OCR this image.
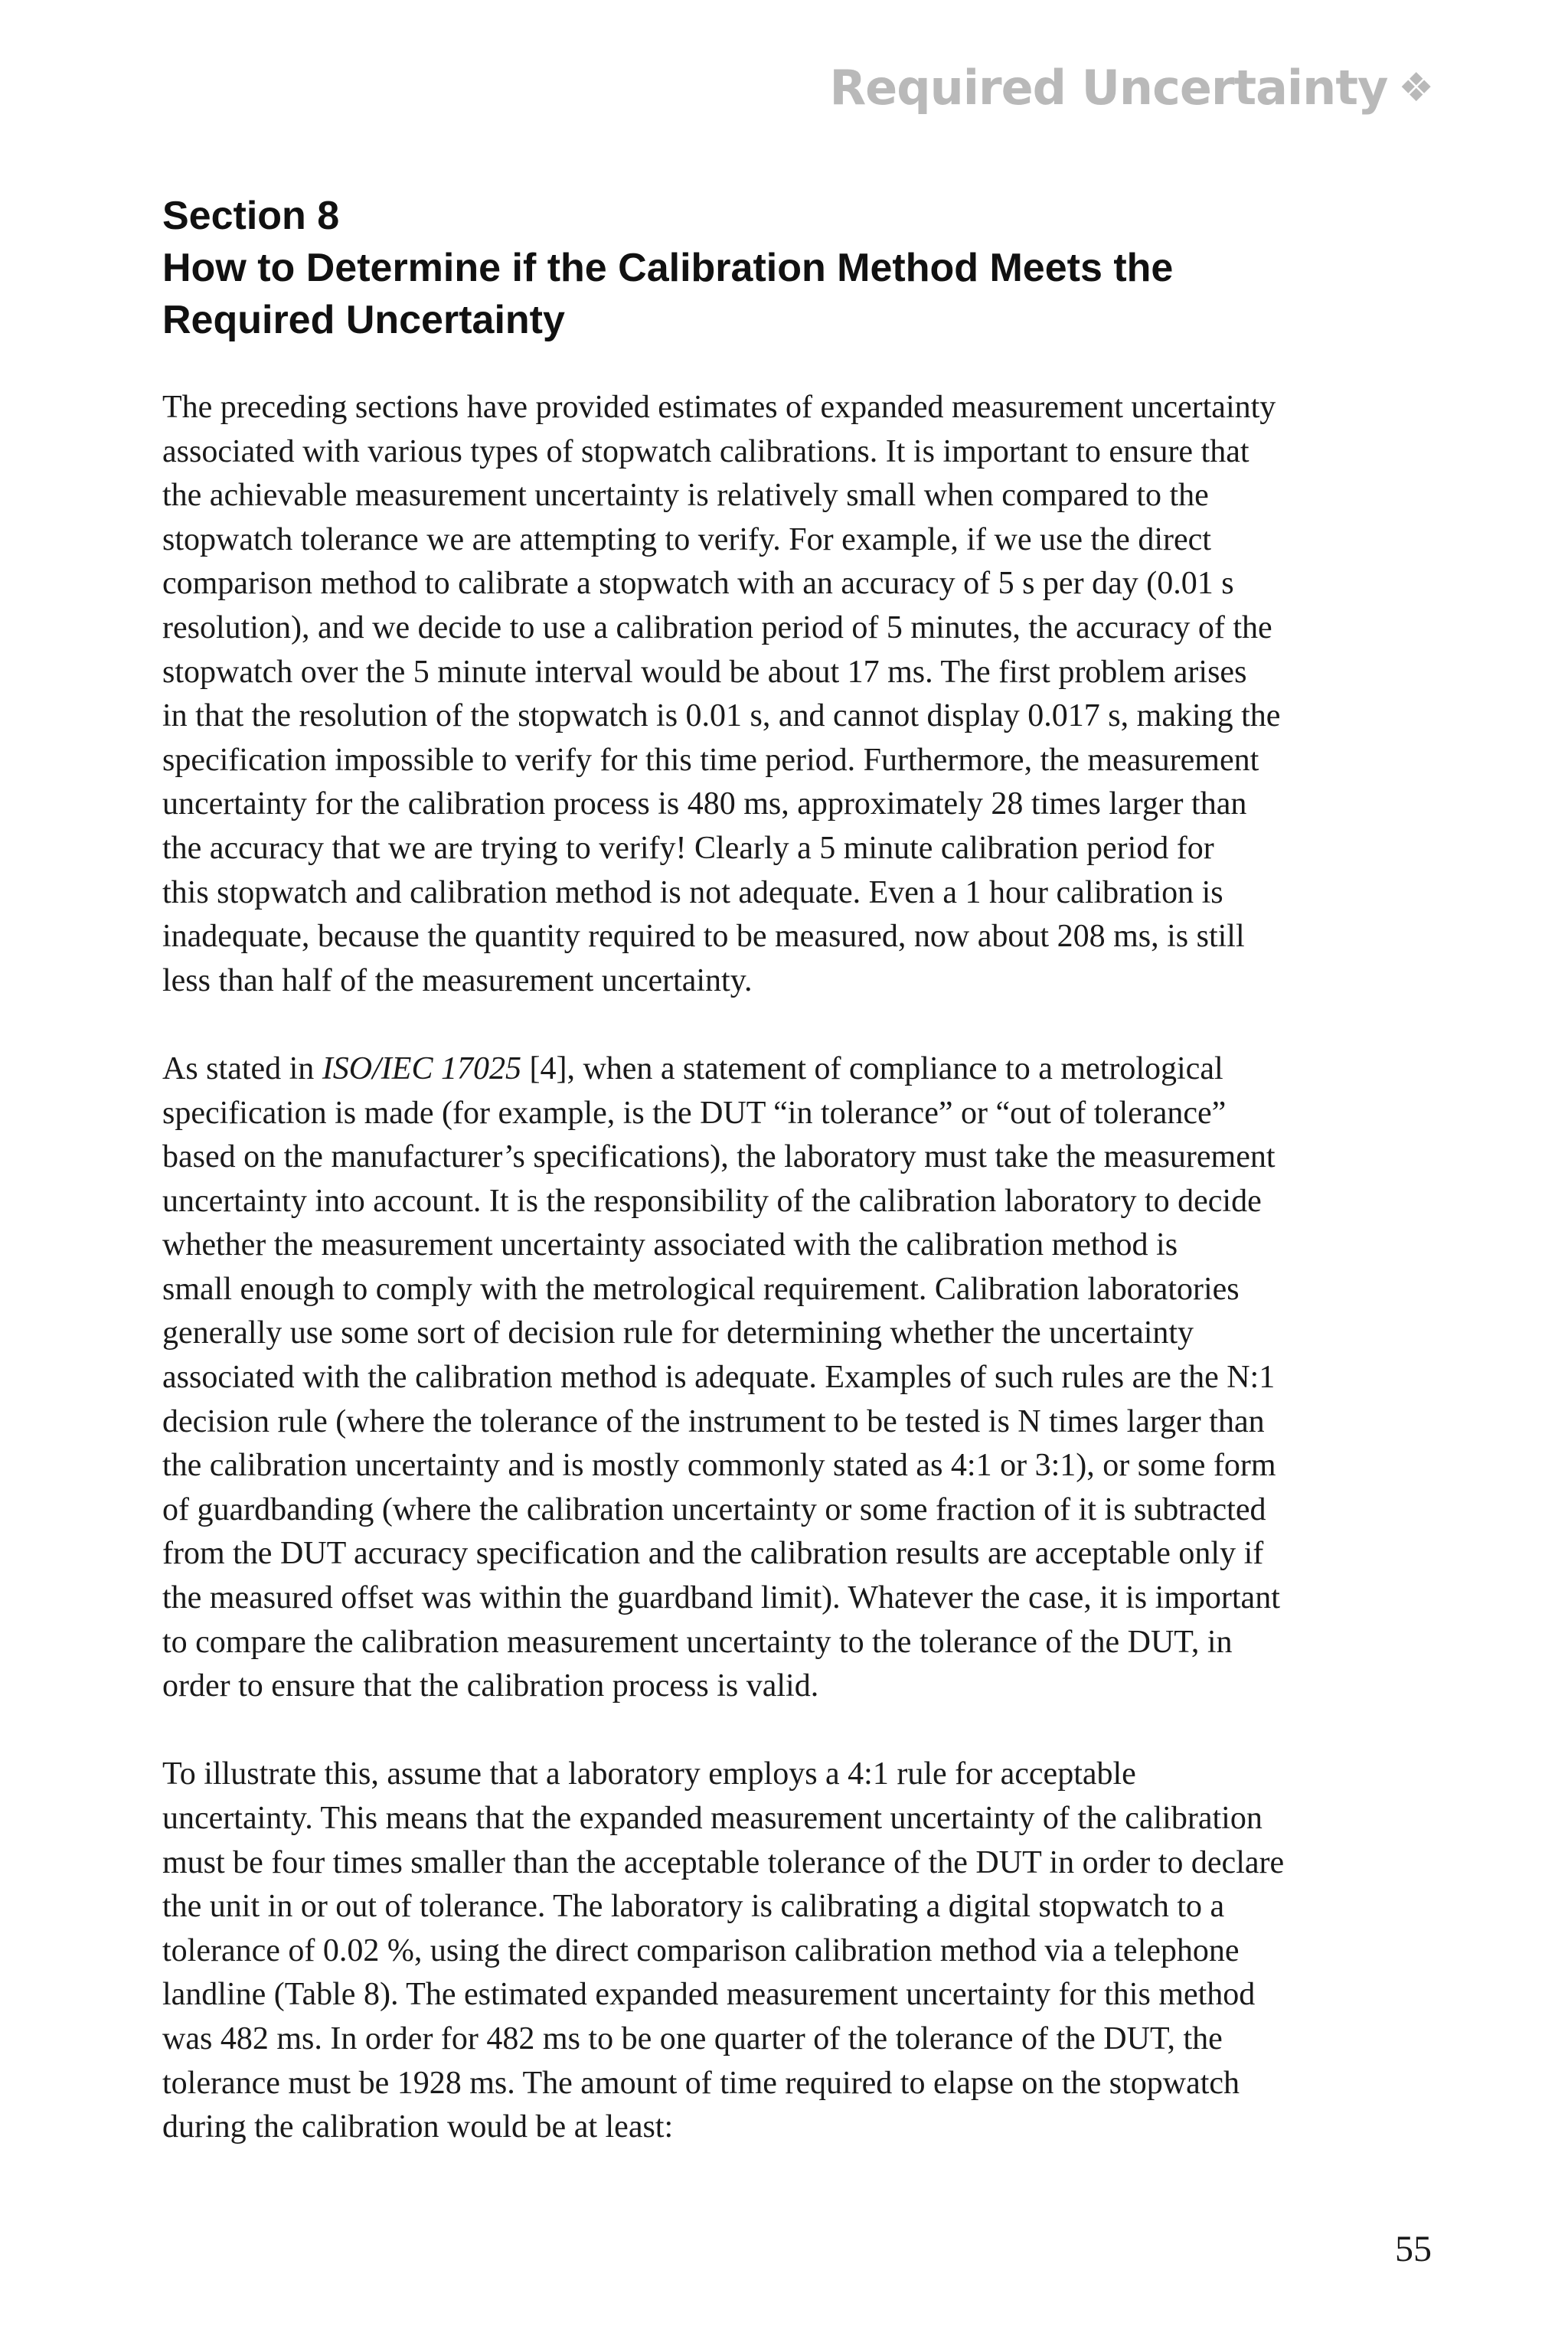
Required Uncertainty ❖
Section 8
How to Determine if the Calibration Method Meets the
Required Uncertainty
The preceding sections have provided estimates of expanded measurement uncertainty
associated with various types of stopwatch calibrations. It is important to ensure that
the achievable measurement uncertainty is relatively small when compared to the
stopwatch tolerance we are attempting to verify. For example, if we use the direct
comparison method to calibrate a stopwatch with an accuracy of 5 s per day (0.01 s
resolution), and we decide to use a calibration period of 5 minutes, the accuracy of the
stopwatch over the 5 minute interval would be about 17 ms. The first problem arises
in that the resolution of the stopwatch is 0.01 s, and cannot display 0.017 s, making the
specification impossible to verify for this time period. Furthermore, the measurement
uncertainty for the calibration process is 480 ms, approximately 28 times larger than
the accuracy that we are trying to verify! Clearly a 5 minute calibration period for
this stopwatch and calibration method is not adequate. Even a 1 hour calibration is
inadequate, because the quantity required to be measured, now about 208 ms, is still
less than half of the measurement uncertainty.
As stated in ISO/IEC 17025 [4], when a statement of compliance to a metrological
specification is made (for example, is the DUT “in tolerance” or “out of tolerance”
based on the manufacturer’s specifications), the laboratory must take the measurement
uncertainty into account. It is the responsibility of the calibration laboratory to decide
whether the measurement uncertainty associated with the calibration method is
small enough to comply with the metrological requirement. Calibration laboratories
generally use some sort of decision rule for determining whether the uncertainty
associated with the calibration method is adequate. Examples of such rules are the N:1
decision rule (where the tolerance of the instrument to be tested is N times larger than
the calibration uncertainty and is mostly commonly stated as 4:1 or 3:1), or some form
of guardbanding (where the calibration uncertainty or some fraction of it is subtracted
from the DUT accuracy specification and the calibration results are acceptable only if
the measured offset was within the guardband limit). Whatever the case, it is important
to compare the calibration measurement uncertainty to the tolerance of the DUT, in
order to ensure that the calibration process is valid.
To illustrate this, assume that a laboratory employs a 4:1 rule for acceptable
uncertainty. This means that the expanded measurement uncertainty of the calibration
must be four times smaller than the acceptable tolerance of the DUT in order to declare
the unit in or out of tolerance. The laboratory is calibrating a digital stopwatch to a
tolerance of 0.02 %, using the direct comparison calibration method via a telephone
landline (Table 8). The estimated expanded measurement uncertainty for this method
was 482 ms. In order for 482 ms to be one quarter of the tolerance of the DUT, the
tolerance must be 1928 ms. The amount of time required to elapse on the stopwatch
during the calibration would be at least:
55
